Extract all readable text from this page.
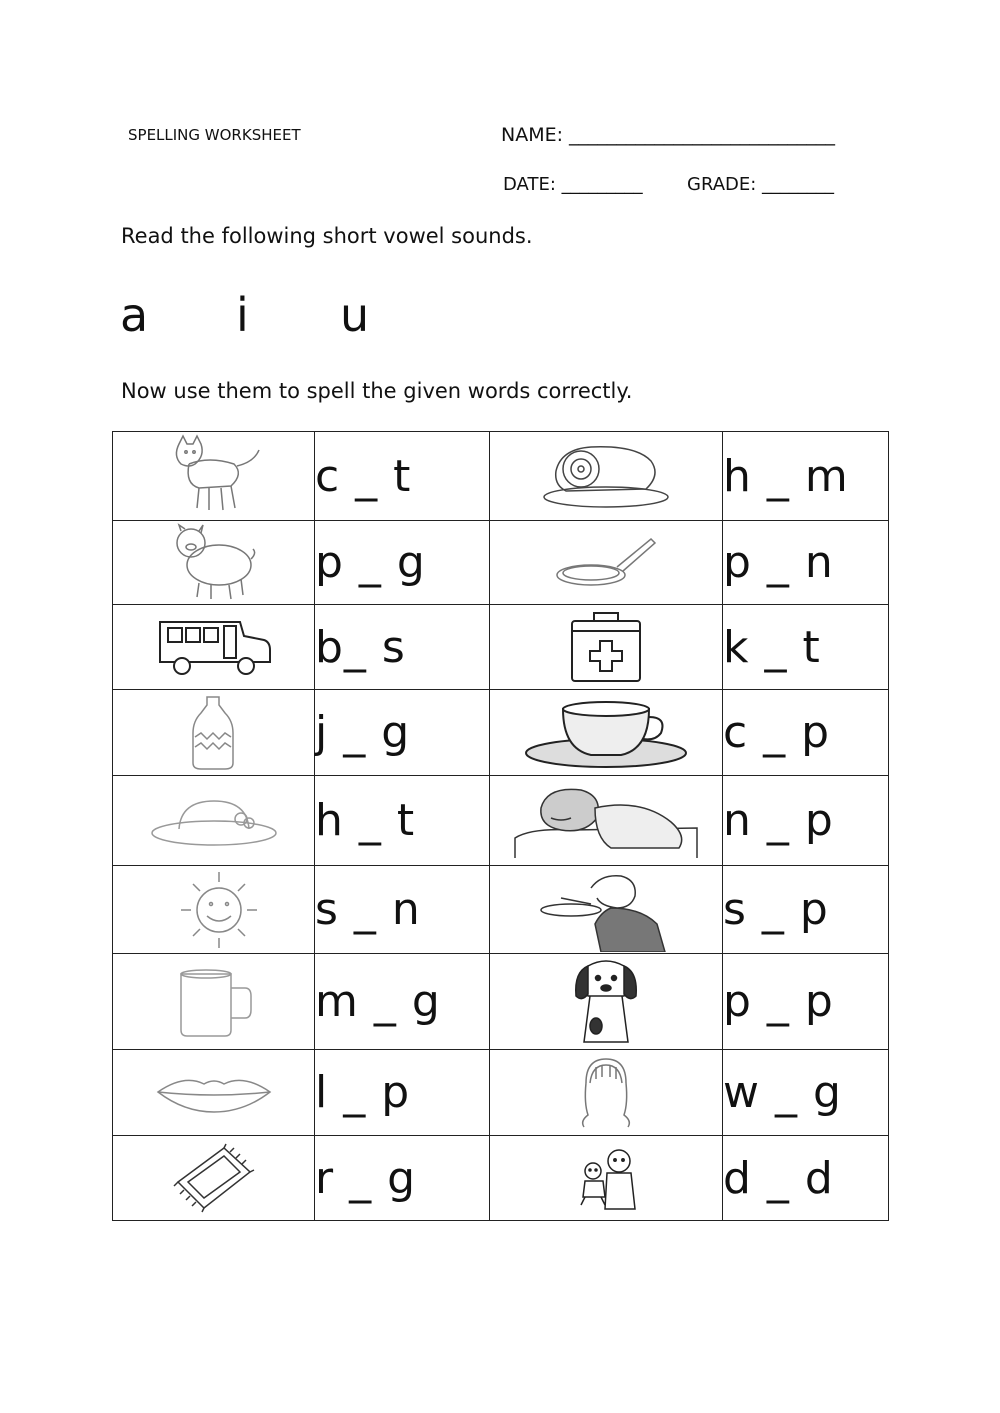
SPELLING WORKSHEET	NAME: ____________________________
DATE: _________ GRADE: ________
Read the following short vowel sounds.
a i u
Now use them to spell the given words correctly.
	c _ t		h _ m

	p _ g		p _ n

	b_ s		k _ t

	j _ g		c _ p

	h _ t		n _ p

	s _ n		s _ p

	m _ g		p _ p

	l _ p		w _ g

	r _ g		d _ d
